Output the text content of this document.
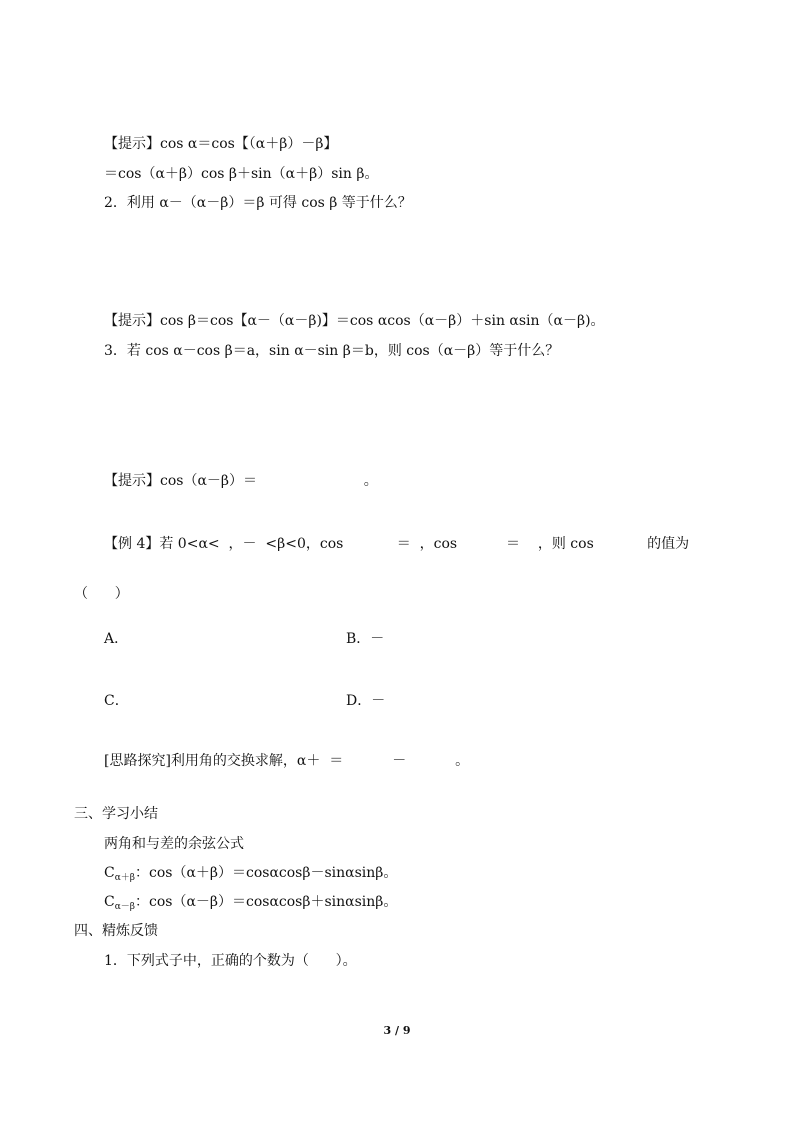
【提示】cos α＝cos【（α＋β）－β】
＝cos（α＋β）cos β＋sin（α＋β）sin β。
2．利用 α－（α－β）＝β 可得 cos β 等于什么？
【提示】cos β＝cos【α－（α－β)】＝cos αcos（α－β）＋sin αsin（α－β)。
3．若 cos α－cos β＝a，sin α－sin β＝b，则 cos（α－β）等于什么？
【提示】cos（α－β）＝                        。
【例 4】若 0<α<  ，－  <β<0，cos            ＝  ，cos           ＝    ，则 cos            的值为
（      ）
A．	B．－
C．	D．－
[思路探究]利用角的交换求解，α＋  ＝           －           。
三、学习小结
两角和与差的余弦公式
$C_{\alpha+\beta}$：cos（α＋β）＝cosαcosβ－sinαsinβ。
$C_{\alpha-\beta}$：cos（α－β）＝cosαcosβ＋sinαsinβ。
四、精炼反馈
1．下列式子中，正确的个数为（      ）。
3 / 9
